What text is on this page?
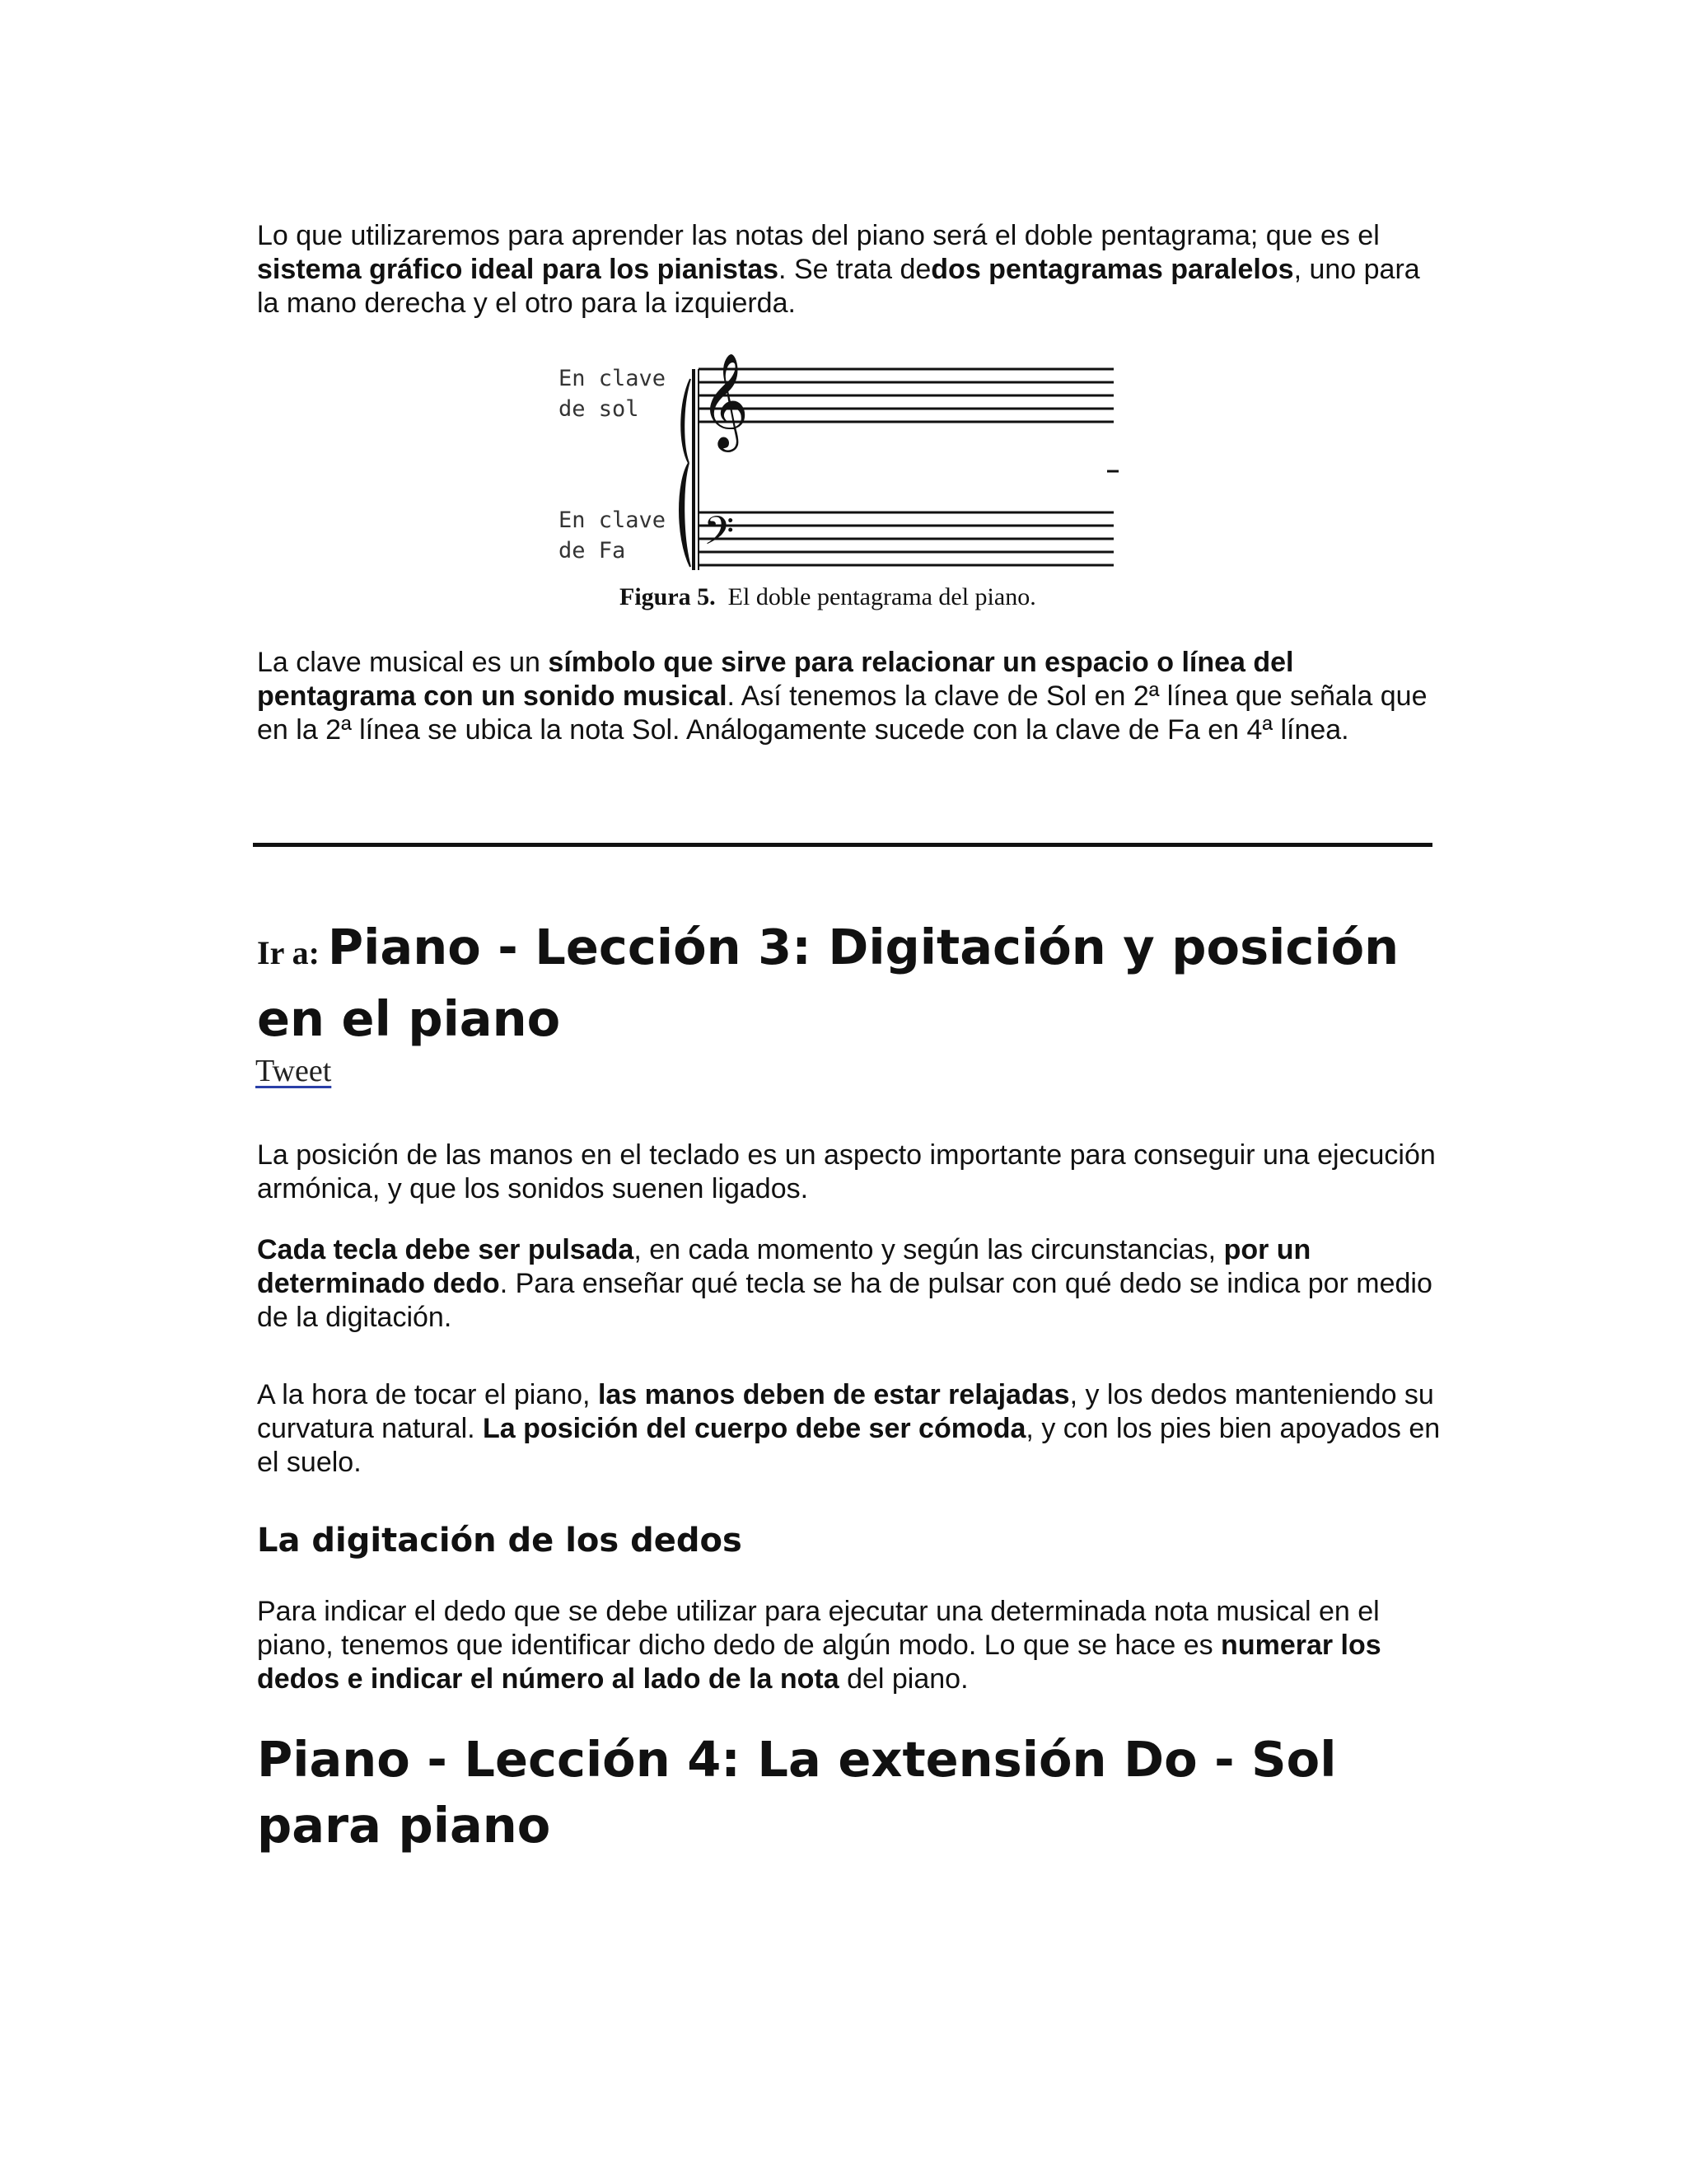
Lo que utilizaremos para aprender las notas del piano será el doble pentagrama; que es el sistema gráfico ideal para los pianistas. Se trata dedos pentagramas paralelos, uno para la mano derecha y el otro para la izquierda.

En clave
de sol
En clave
de Fa
𝄞
𝄢
Figura 5. El doble pentagrama del piano.

La clave musical es un símbolo que sirve para relacionar un espacio o línea del pentagrama con un sonido musical. Así tenemos la clave de Sol en 2ª línea que señala que en la 2ª línea se ubica la nota Sol. Análogamente sucede con la clave de Fa en 4ª línea.

Ir a: Piano - Lección 3: Digitación y posición en el piano
Tweet

La posición de las manos en el teclado es un aspecto importante para conseguir una ejecución armónica, y que los sonidos suenen ligados.

Cada tecla debe ser pulsada, en cada momento y según las circunstancias, por un determinado dedo. Para enseñar qué tecla se ha de pulsar con qué dedo se indica por medio de la digitación.

A la hora de tocar el piano, las manos deben de estar relajadas, y los dedos manteniendo su curvatura natural. La posición del cuerpo debe ser cómoda, y con los pies bien apoyados en el suelo.

La digitación de los dedos

Para indicar el dedo que se debe utilizar para ejecutar una determinada nota musical en el piano, tenemos que identificar dicho dedo de algún modo. Lo que se hace es numerar los dedos e indicar el número al lado de la nota del piano.

Piano - Lección 4: La extensión Do - Sol para piano
